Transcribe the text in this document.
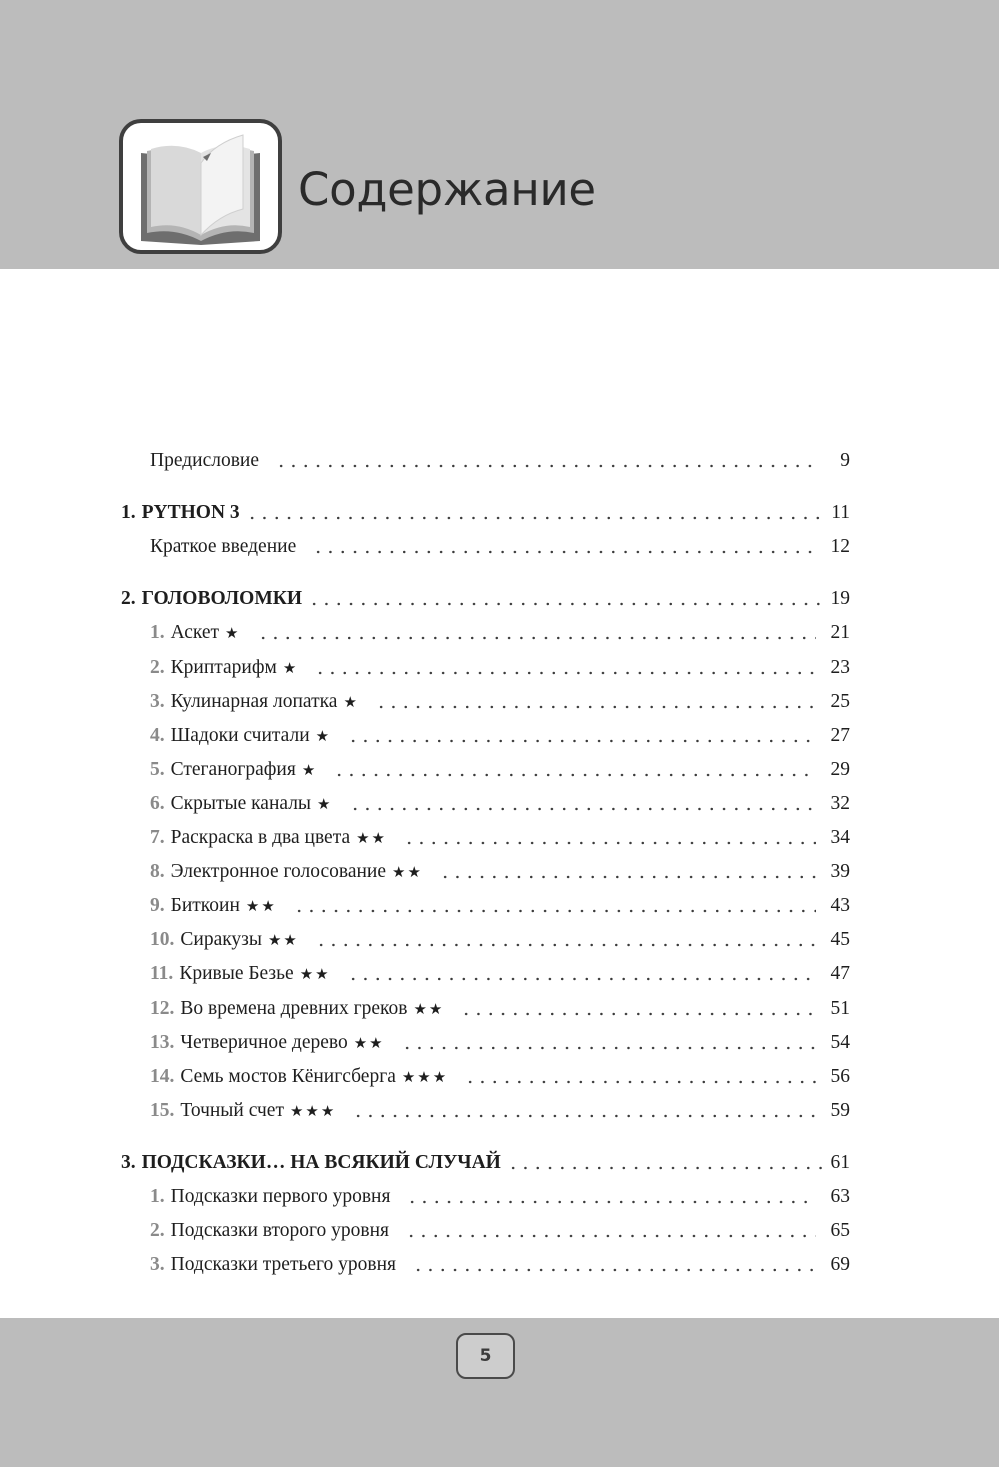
Содержание
Предисловие	9
1. PYTHON 3	11
Краткое введение	12
2. ГОЛОВОЛОМКИ	19
1. Аскет ★	21
2. Криптарифм ★	23
3. Кулинарная лопатка ★	25
4. Шадоки считали ★	27
5. Стеганография ★	29
6. Скрытые каналы ★	32
7. Раскраска в два цвета ★★	34
8. Электронное голосование ★★	39
9. Биткоин ★★	43
10. Сиракузы ★★	45
11. Кривые Безье ★★	47
12. Во времена древних греков ★★	51
13. Четверичное дерево ★★	54
14. Семь мостов Кёнигсберга ★★★	56
15. Точный счет ★★★	59
3. ПОДСКАЗКИ… НА ВСЯКИЙ СЛУЧАЙ	61
1. Подсказки первого уровня	63
2. Подсказки второго уровня	65
3. Подсказки третьего уровня	69
5
